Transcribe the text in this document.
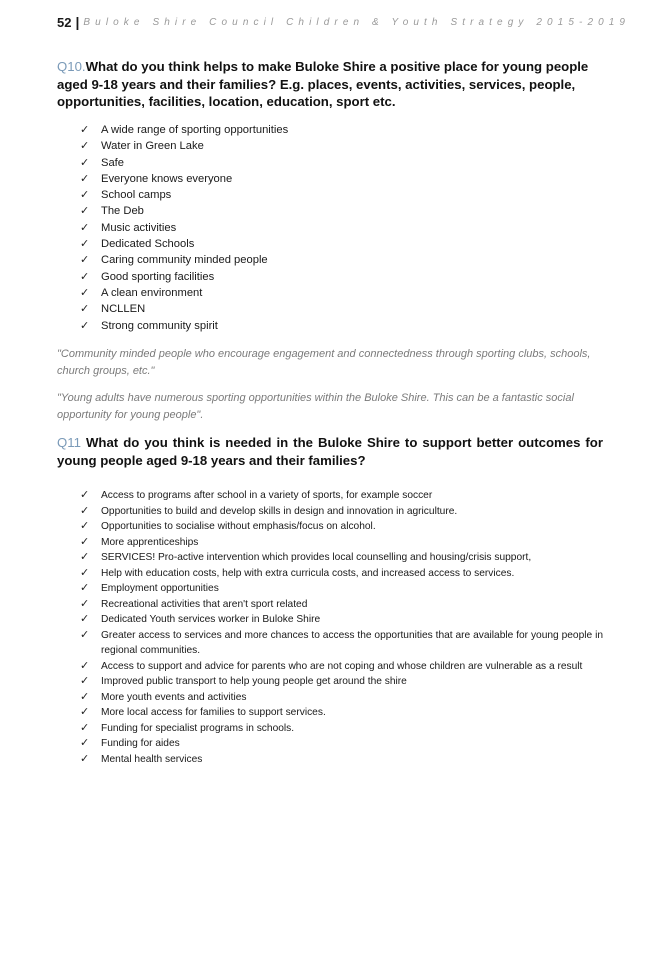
52 | Buloke Shire Council Children & Youth Strategy 2015-2019
Q10.What do you think helps to make Buloke Shire a positive place for young people aged 9-18 years and their families? E.g. places, events, activities, services, people, opportunities, facilities, location, education, sport etc.
✓ A wide range of sporting opportunities
✓ Water in Green Lake
✓ Safe
✓ Everyone knows everyone
✓ School camps
✓ The Deb
✓ Music activities
✓ Dedicated Schools
✓ Caring community minded people
✓ Good sporting facilities
✓ A clean environment
✓ NCLLEN
✓ Strong community spirit
"Community minded people who encourage engagement and connectedness through sporting clubs, schools, church groups, etc."
"Young adults have numerous sporting opportunities within the Buloke Shire. This can be a fantastic social opportunity for young people".
Q11 What do you think is needed in the Buloke Shire to support better outcomes for young people aged 9-18 years and their families?
✓ Access to programs after school in a variety of sports, for example soccer
✓ Opportunities to build and develop skills in design and innovation in agriculture.
✓ Opportunities to socialise without emphasis/focus on alcohol.
✓ More apprenticeships
✓ SERVICES! Pro-active intervention which provides local counselling and housing/crisis support,
✓ Help with education costs, help with extra curricula costs, and increased access to services.
✓ Employment opportunities
✓ Recreational activities that aren't sport related
✓ Dedicated Youth services worker in Buloke Shire
✓ Greater access to services and more chances to access the opportunities that are available for young people in regional communities.
✓ Access to support and advice for parents who are not coping and whose children are vulnerable as a result
✓ Improved public transport to help young people get around the shire
✓ More youth events and activities
✓ More local access for families to support services.
✓ Funding for specialist programs in schools.
✓ Funding for aides
✓ Mental health services
